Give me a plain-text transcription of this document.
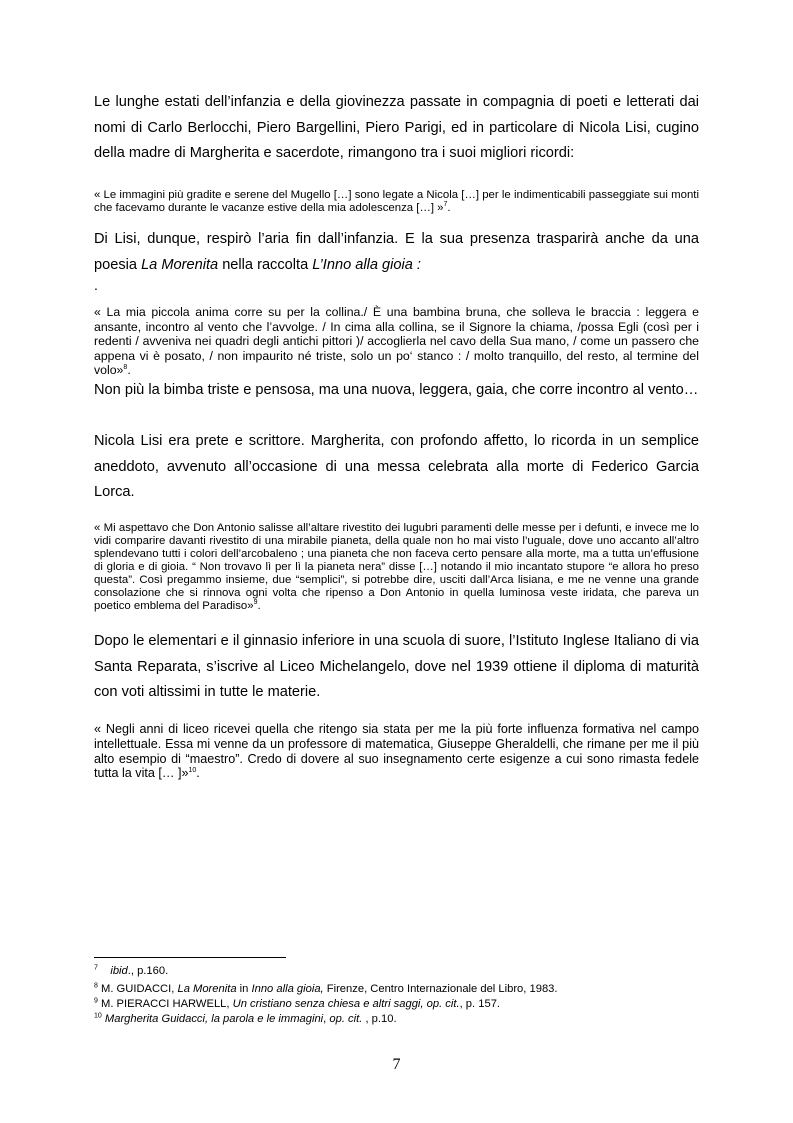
Le lunghe estati dell’infanzia e della giovinezza passate in compagnia di poeti e letterati dai nomi di Carlo Berlocchi, Piero Bargellini, Piero Parigi, ed in particolare di Nicola Lisi, cugino della madre di Margherita e sacerdote, rimangono tra i suoi migliori ricordi:

« Le immagini più gradite e serene del Mugello […] sono legate a Nicola […] per le indimenticabili passeggiate sui monti che facevamo durante le vacanze estive della mia adolescenza […] »$^7$.

Di Lisi, dunque, respirò l’aria fin dall’infanzia. E la sua presenza trasparirà anche da una poesia La Morenita nella raccolta L’Inno alla gioia :

.

« La mia piccola anima corre su per la collina./ È una bambina bruna, che solleva le braccia : leggera e ansante, incontro al vento che l’avvolge. / In cima alla collina, se il Signore la chiama, /possa Egli (così per i redenti / avveniva nei quadri degli antichi pittori )/ accoglierla nel cavo della Sua mano, / come un passero che appena vi è posato, / non impaurito né triste, solo un po‘ stanco : / molto tranquillo, del resto, al termine del volo»$^8$.

Non più la bimba triste e pensosa, ma una nuova, leggera, gaia, che corre incontro al vento…

Nicola Lisi era prete e scrittore. Margherita, con profondo affetto, lo ricorda in un semplice aneddoto, avvenuto all’occasione di una messa celebrata alla morte di Federico Garcia Lorca.

« Mi aspettavo che Don Antonio salisse all’altare rivestito dei lugubri paramenti delle messe per i defunti, e invece me lo vidi comparire davanti rivestito di una mirabile pianeta, della quale non ho mai visto l’uguale, dove uno accanto all’altro splendevano tutti i colori dell’arcobaleno ; una pianeta che non faceva certo pensare alla morte, ma a tutta un’effusione di gloria e di gioia. “ Non trovavo lì per lì la pianeta nera” disse […] notando il mio incantato stupore “e allora ho preso questa”. Così pregammo insieme, due “semplici”, si potrebbe dire, usciti dall’Arca lisiana, e me ne venne una grande consolazione che si rinnova ogni volta che ripenso a Don Antonio in quella luminosa veste iridata, che pareva un poetico emblema del Paradiso»$^9$.

Dopo le elementari e il ginnasio inferiore in una scuola di suore, l’Istituto Inglese Italiano di via Santa Reparata, s’iscrive al Liceo Michelangelo, dove nel 1939 ottiene il diploma di maturità con voti altissimi in tutte le materie.

« Negli anni di liceo ricevei quella che ritengo sia stata per me la più forte influenza formativa nel campo intellettuale. Essa mi venne da un professore di matematica, Giuseppe Gheraldelli, che rimane per me il più alto esempio di “maestro”. Credo di dovere al suo insegnamento certe esigenze a cui sono rimasta fedele tutta la vita [… ]»$^{10}$.

$^7$ ibid., p.160.
$^8$ M. GUIDACCI, La Morenita in Inno alla gioia, Firenze, Centro Internazionale del Libro, 1983.
$^9$ M. PIERACCI HARWELL, Un cristiano senza chiesa e altri saggi, op. cit., p. 157.
$^{10}$ Margherita Guidacci, la parola e le immagini, op. cit. , p.10.
7
